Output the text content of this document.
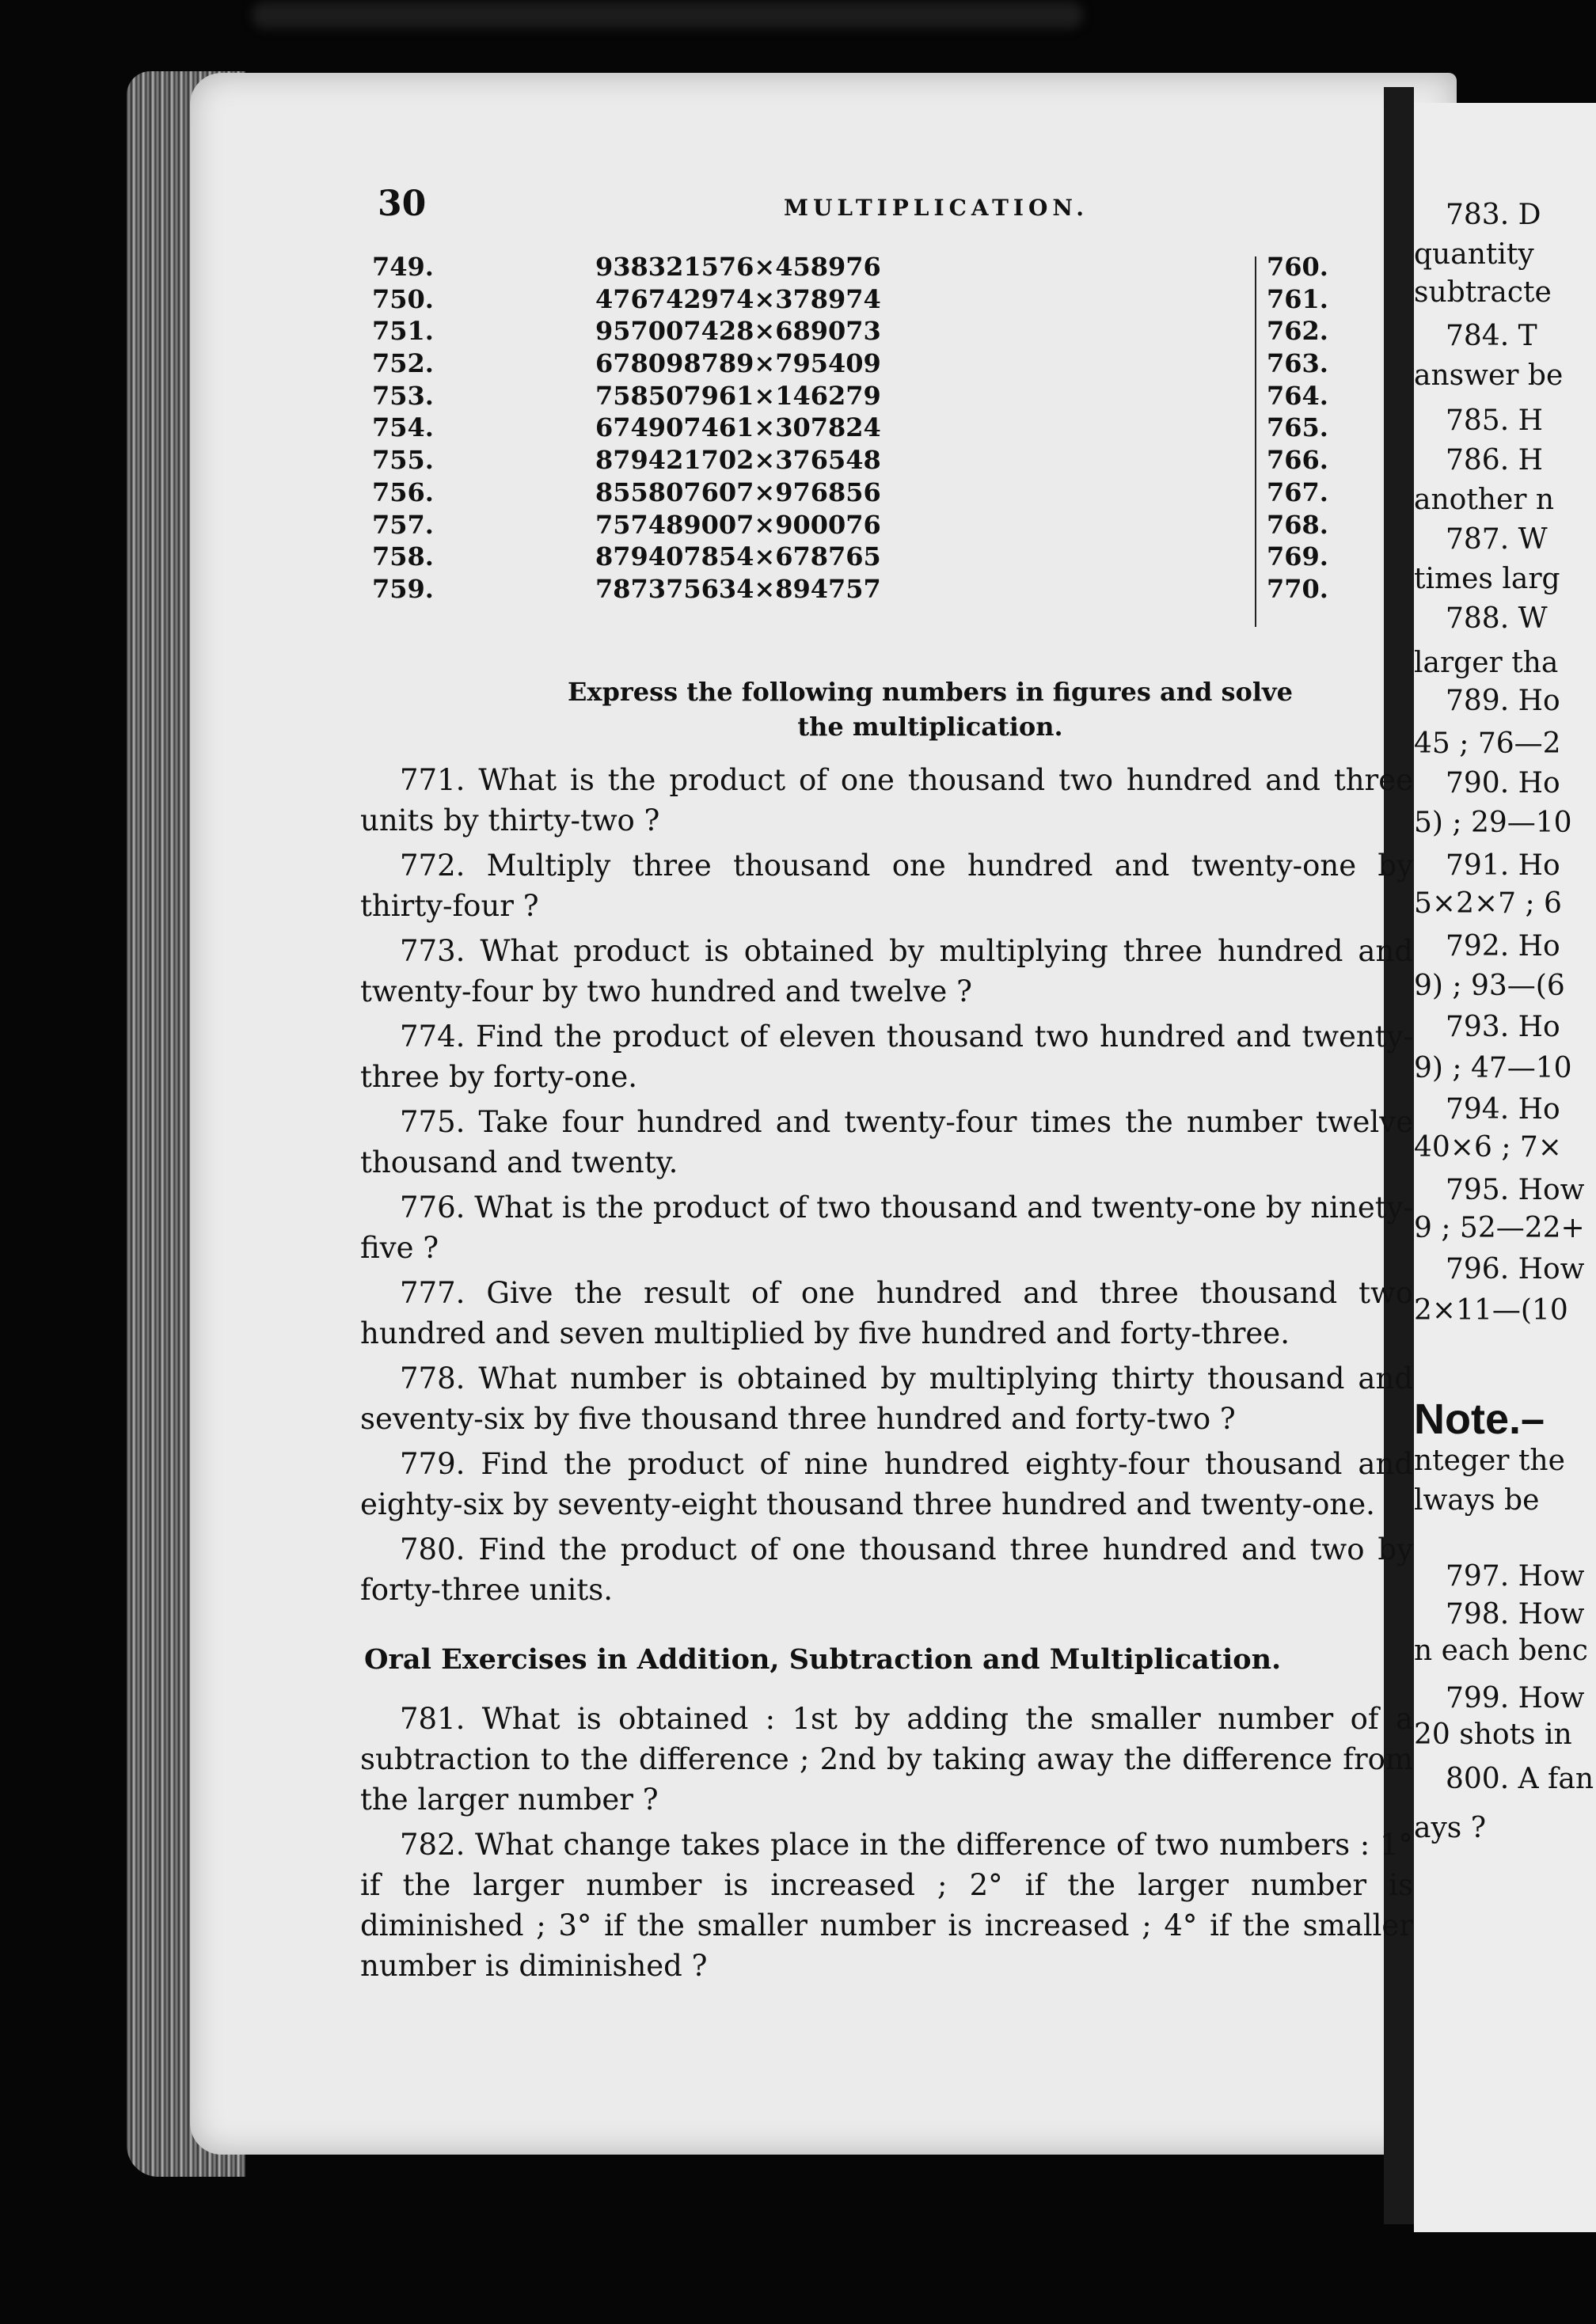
30	MULTIPLICATION.
749.
750.
751.
752.
753.
754.
755.
756.
757.
758.
759.
938321576×458976
476742974×378974
957007428×689073
678098789×795409
758507961×146279
674907461×307824
879421702×376548
855807607×976856
757489007×900076
879407854×678765
787375634×894757
760.
761.
762.
763.
764.
765.
766.
767.
768.
769.
770.
Express the following numbers in figures and solve
the multiplication.

771. What is the product of one thousand two hundred and three units by thirty-two ?

772. Multiply three thousand one hundred and twenty-one by thirty-four ?

773. What product is obtained by multiplying three hundred and twenty-four by two hundred and twelve ?

774. Find the product of eleven thousand two hundred and twenty-three by forty-one.

775. Take four hundred and twenty-four times the number twelve thousand and twenty.

776. What is the product of two thousand and twenty-one by ninety-five ?

777. Give the result of one hundred and three thousand two hundred and seven multiplied by five hundred and forty-three.

778. What number is obtained by multiplying thirty thousand and seventy-six by five thousand three hundred and forty-two ?

779. Find the product of nine hundred eighty-four thousand and eighty-six by seventy-eight thousand three hundred and twenty-one.

780. Find the product of one thousand three hundred and two by forty-three units.

Oral Exercises in Addition, Subtraction and Multiplication.

781. What is obtained : 1st by adding the smaller number of a subtraction to the difference ; 2nd by taking away the difference from the larger number ?

782. What change takes place in the difference of two numbers : 1° if the larger number is increased ; 2° if the larger number is diminished ; 3° if the smaller number is increased ; 4° if the smaller number is diminished ?

783. D
quantity
subtracte
784. T
answer be
785. H
786. H
another n
787. W
times larg
788. W
larger tha
789. Ho
45 ; 76—2
790. Ho
5) ; 29—10
791. Ho
5×2×7 ; 6
792. Ho
9) ; 93—(6
793. Ho
9) ; 47—10
794. Ho
40×6 ; 7×
795. How
9 ; 52—22+
796. How
2×11—(10
Note.–
nteger the
lways be
797. How
798. How
n each benc
799. How
20 shots in
800. A fan
ays ?
